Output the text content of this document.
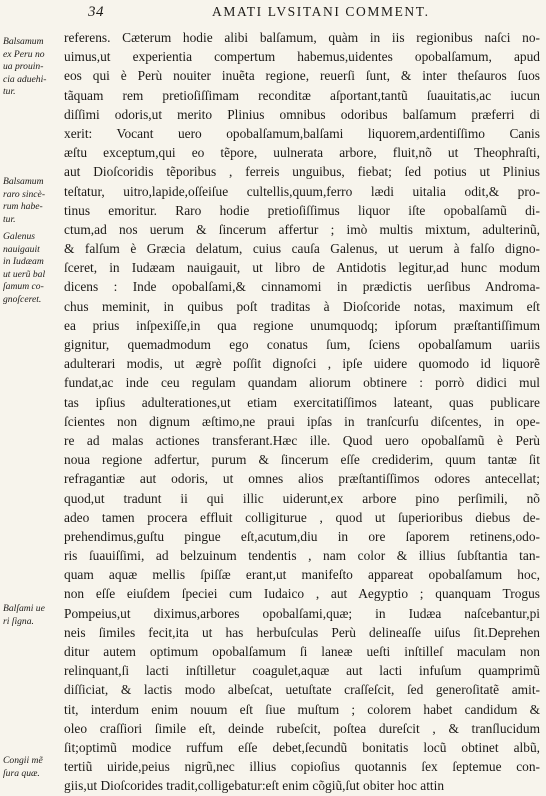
34	AMATI LVSITANI COMMENT.
Balsamum
ex Peru no
ua prouin-
cia aduehi-
tur.
Balsamum
raro sincè-
rum habe-
tur.
Galenus
nauigauit
in Iudæam
ut uerũ bal
ſamum co-
gnoſceret.
Balſami ue
ri ſigna.
Congii mẽ
ſura quæ.
referens. Cæterum hodie alibi balſamum, quàm in iis regionibus naſci no-
uimus,ut experientia compertum habemus,uidentes opobalſamum, apud
eos qui è Perù nouiter inuẽta regione, reuerſi ſunt, & inter theſauros ſuos
tãquam rem pretioſiſſimam reconditæ aſportant,tantũ ſuauitatis,ac iucun
diſſimi odoris,ut merito Plinius omnibus odoribus balſamum præferri di
xerit: Vocant uero opobalſamum,balſami liquorem,ardentiſſimo Canis
æſtu exceptum,qui eo tẽpore, uulnerata arbore, fluit,nõ ut Theophraſti,
aut Dioſcoridis tẽporibus , ferreis unguibus, fiebat; ſed potius ut Plinius
teſtatur, uitro,lapide,oſſeiſue cultellis,quum,ferro lædi uitalia odit,& pro-
tinus emoritur. Raro hodie pretioſiſſimus liquor iſte opobalſamũ di-
ctum,ad nos uerum & ſincerum affertur ; imò multis mixtum, adulterinũ,
& falſum è Græcia delatum, cuius cauſa Galenus, ut uerum à falſo digno-
ſceret, in Iudæam nauigauit, ut libro de Antidotis legitur,ad hunc modum
dicens : Inde opobalſami,& cinnamomi in prædictis uerſibus Androma-
chus meminit, in quibus poſt traditas à Dioſcoride notas, maximum eſt
ea prius inſpexiſſe,in qua regione unumquodq; ipſorum præſtantiſſimum
gignitur, quemadmodum ego conatus ſum, ſciens opobalſamum uariis
adulterari modis, ut ægrè poſſit dignoſci , ipſe uidere quomodo id liquorẽ
fundat,ac inde ceu regulam quandam aliorum obtinere : porrò didici mul
tas ipſius adulterationes,ut etiam exercitatiſſimos lateant, quas publicare
ſcientes non dignum æſtimo,ne praui ipſas in tranſcurſu diſcentes, in ope-
re ad malas actiones transferant.Hæc ille. Quod uero opobalſamũ è Perù
noua regione adfertur, purum & ſincerum eſſe crediderim, quum tantæ ſit
refragantiæ aut odoris, ut omnes alios præſtantiſſimos odores antecellat;
quod,ut tradunt ii qui illic uiderunt,ex arbore pino perſimili, nõ
adeo tamen procera effluit colligiturue , quod ut ſuperioribus diebus de-
prehendimus,guſtu pingue eſt,acutum,diu in ore ſaporem retinens,odo-
ris ſuauiſſimi, ad belzuinum tendentis , nam color & illius ſubſtantia tan-
quam aquæ mellis ſpiſſæ erant,ut manifeſto appareat opobalſamum hoc,
non eſſe eiuſdem ſpeciei cum Iudaico , aut Aegyptio ; quanquam Trogus
Pompeius,ut diximus,arbores opobalſami,quæ; in Iudæa naſcebantur,pi
neis ſimiles fecit,ita ut has herbuſculas Perù delineaſſe uiſus ſit.Deprehen
ditur autem optimum opobalſamum ſi laneæ ueſti inſtilleſ maculam non
relinquant,ſi lacti inſtilletur coagulet,aquæ aut lacti infuſum quamprimũ
diſſiciat, & lactis modo albeſcat, uetuſtate craſſeſcit, ſed generoſitatẽ amit-
tit, interdum enim nouum eſt ſiue muſtum ; colorem habet candidum &
oleo craſſiori ſimile eſt, deinde rubeſcit, poſtea dureſcit , & tranſlucidum
ſit;optimũ modice ruffum eſſe debet,ſecundũ bonitatis locũ obtinet albũ,
tertiũ uiride,peius nigrũ,nec illius copioſius quotannis ſex ſeptemue con-
giis,ut Dioſcorides tradit,colligebatur:eſt enim cõgiũ,ſut obiter hoc attin
